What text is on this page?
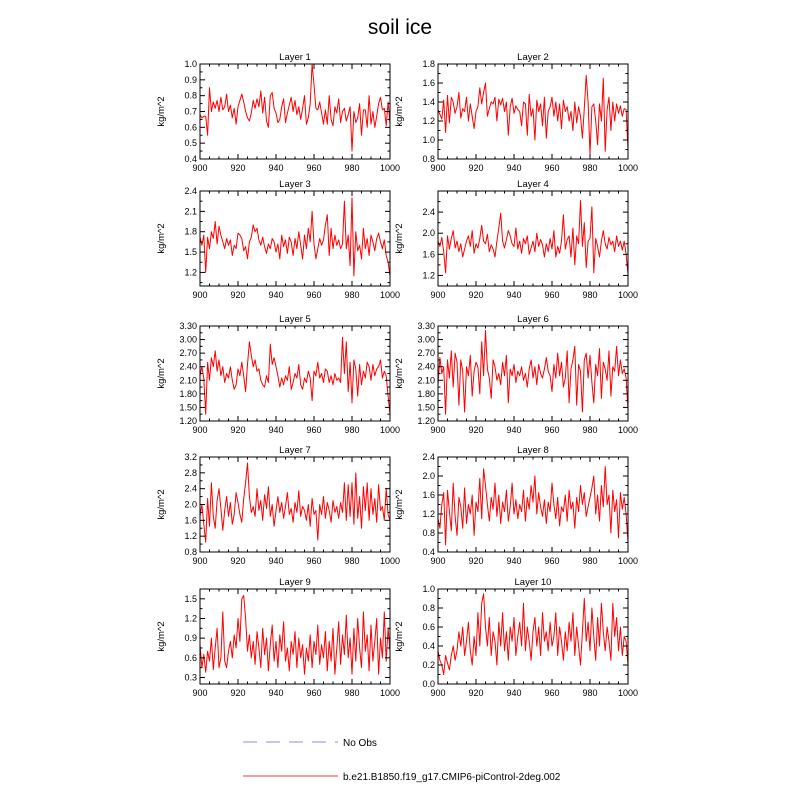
soil ice
Layer 1
900	920	940	960	980 1000
0.4
0.5
0.6
0.7
0.8
0.9
1.0
kg/m^2
Layer 2
900	920	940	960	980 1000
0.8
1.0
1.2
1.4
1.6
1.8
kg/m^2
Layer 3
900	920	940	960	980 1000
1.2
1.5
1.8
2.1
2.4
kg/m^2
Layer 4
900	920	940	960	980 1000
1.2
1.6
2.0
2.4
kg/m^2
Layer 5
900	920	940	960	980 1000
1.20
1.50
1.80
2.10
2.40
2.70
3.00
3.30
kg/m^2
Layer 6
900	920	940	960	980 1000
1.20
1.50
1.80
2.10
2.40
2.70
3.00
3.30
kg/m^2
Layer 7
900	920	940	960	980 1000
0.8
1.2
1.6
2.0
2.4
2.8
3.2
kg/m^2
Layer 8
900	920	940	960	980 1000
0.4
0.8
1.2
1.6
2.0
2.4
kg/m^2
Layer 9
900	920	940	960	980 1000
0.3
0.6
0.9
1.2
1.5
kg/m^2
Layer 10
900	920	940	960	980 1000
0.0
0.2
0.4
0.6
0.8
1.0
kg/m^2
No Obs
b.e21.B1850.f19_g17.CMIP6-piControl-2deg.002
